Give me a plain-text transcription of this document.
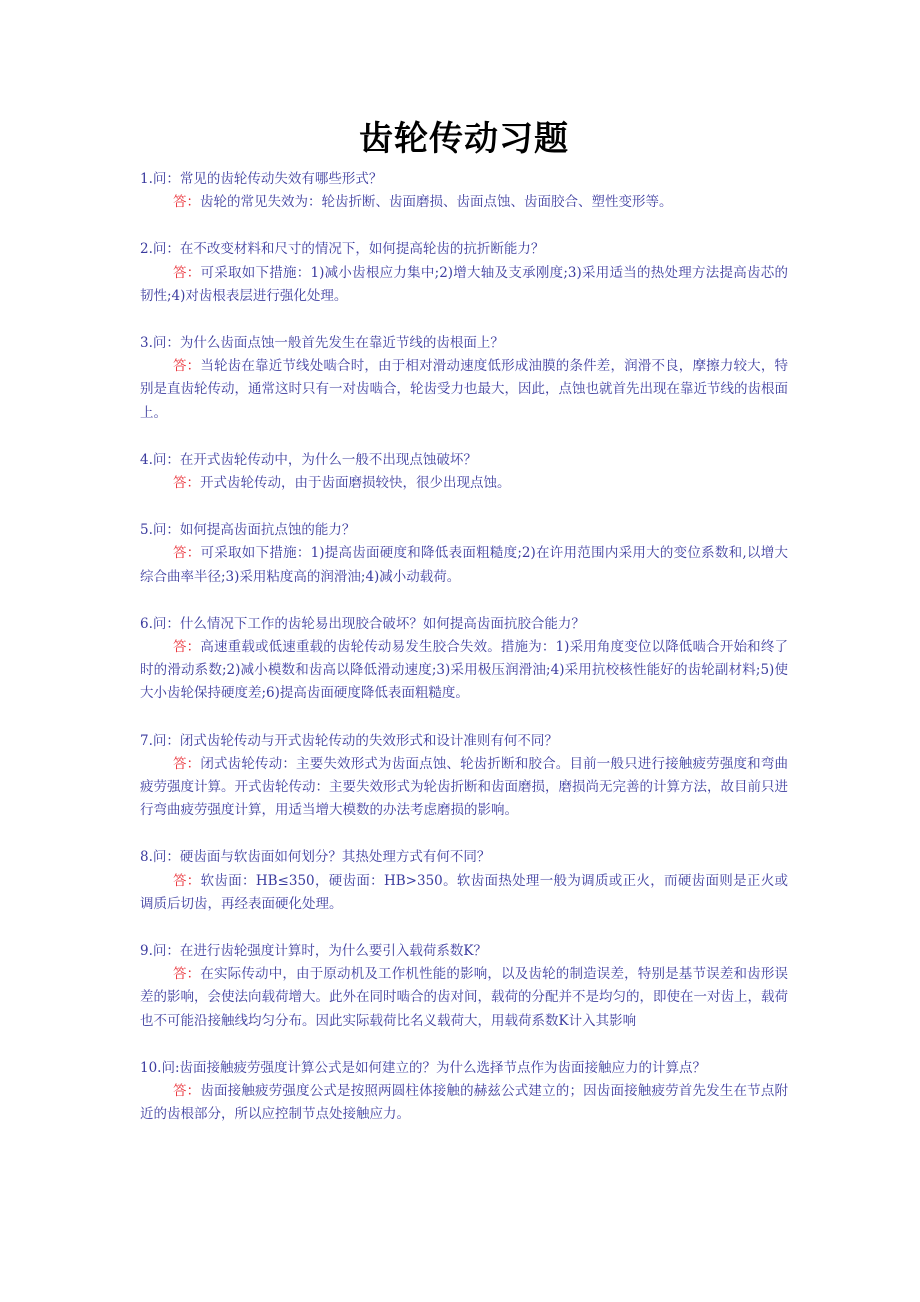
齿轮传动习题

1.问：常见的齿轮传动失效有哪些形式？

答：齿轮的常见失效为：轮齿折断、齿面磨损、齿面点蚀、齿面胶合、塑性变形等。

2.问：在不改变材料和尺寸的情况下，如何提高轮齿的抗折断能力？

答：可采取如下措施：1)减小齿根应力集中;2)增大轴及支承刚度;3)采用适当的热处理方法提高齿芯的韧性;4)对齿根表层进行强化处理。

3.问：为什么齿面点蚀一般首先发生在靠近节线的齿根面上？

答：当轮齿在靠近节线处啮合时，由于相对滑动速度低形成油膜的条件差，润滑不良，摩擦力较大，特别是直齿轮传动，通常这时只有一对齿啮合，轮齿受力也最大，因此，点蚀也就首先出现在靠近节线的齿根面上。

4.问：在开式齿轮传动中，为什么一般不出现点蚀破坏？

答：开式齿轮传动，由于齿面磨损较快，很少出现点蚀。

5.问：如何提高齿面抗点蚀的能力？

答：可采取如下措施：1)提高齿面硬度和降低表面粗糙度;2)在许用范围内采用大的变位系数和,以增大综合曲率半径;3)采用粘度高的润滑油;4)减小动载荷。

6.问：什么情况下工作的齿轮易出现胶合破坏？如何提高齿面抗胶合能力？

答：高速重载或低速重载的齿轮传动易发生胶合失效。措施为：1)采用角度变位以降低啮合开始和终了时的滑动系数;2)减小模数和齿高以降低滑动速度;3)采用极压润滑油;4)采用抗校核性能好的齿轮副材料;5)使大小齿轮保持硬度差;6)提高齿面硬度降低表面粗糙度。

7.问：闭式齿轮传动与开式齿轮传动的失效形式和设计准则有何不同？

答：闭式齿轮传动：主要失效形式为齿面点蚀、轮齿折断和胶合。目前一般只进行接触疲劳强度和弯曲疲劳强度计算。开式齿轮传动：主要失效形式为轮齿折断和齿面磨损，磨损尚无完善的计算方法，故目前只进行弯曲疲劳强度计算，用适当增大模数的办法考虑磨损的影响。

8.问：硬齿面与软齿面如何划分？其热处理方式有何不同？

答：软齿面：HB≤350，硬齿面：HB>350。软齿面热处理一般为调质或正火，而硬齿面则是正火或调质后切齿，再经表面硬化处理。

9.问：在进行齿轮强度计算时，为什么要引入载荷系数K？

答：在实际传动中，由于原动机及工作机性能的影响，以及齿轮的制造误差，特别是基节误差和齿形误差的影响，会使法向载荷增大。此外在同时啮合的齿对间，载荷的分配并不是均匀的，即使在一对齿上，载荷也不可能沿接触线均匀分布。因此实际载荷比名义载荷大，用载荷系数K计入其影响

10.问:齿面接触疲劳强度计算公式是如何建立的？为什么选择节点作为齿面接触应力的计算点？

答：齿面接触疲劳强度公式是按照两圆柱体接触的赫兹公式建立的；因齿面接触疲劳首先发生在节点附近的齿根部分，所以应控制节点处接触应力。
